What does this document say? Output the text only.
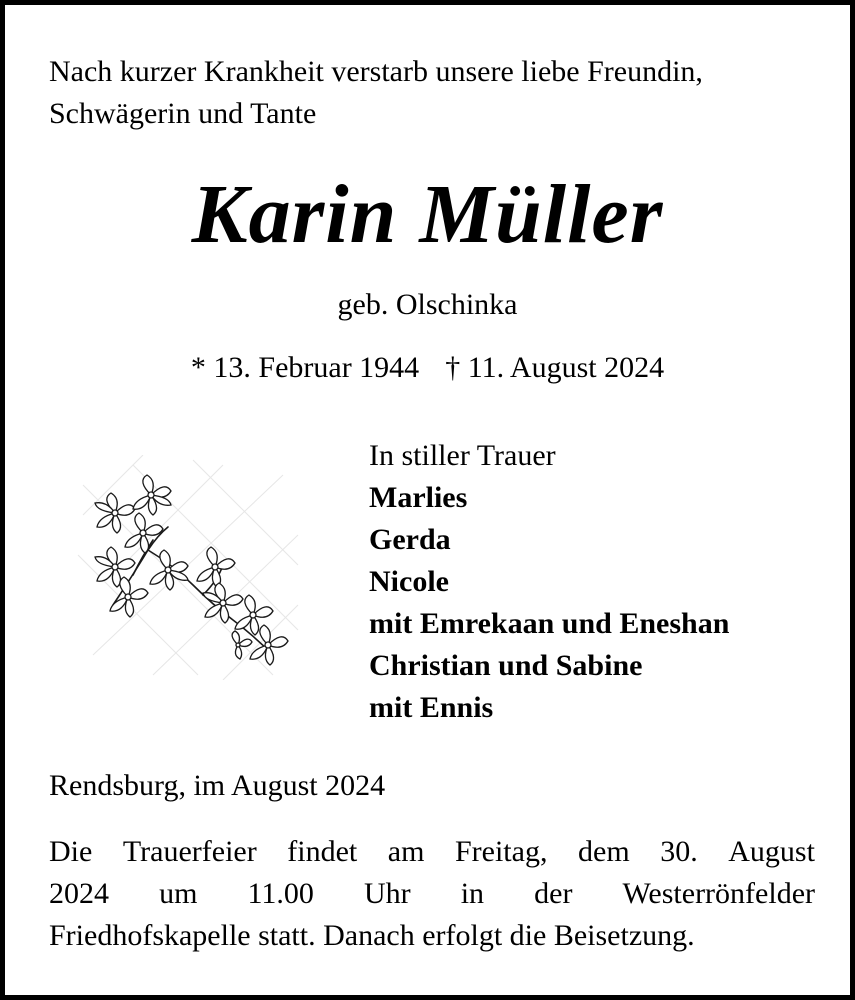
Nach kurzer Krankheit verstarb unsere liebe Freundin,
Schwägerin und Tante

Karin Müller

geb. Olschinka

* 13. Februar 1944 † 11. August 2024

In stiller Trauer
Marlies
Gerda
Nicole
mit Emrekaan und Eneshan
Christian und Sabine
mit Ennis

Rendsburg, im August 2024

Die Trauerfeier findet am Freitag, dem 30. August
2024 um 11.00 Uhr in der Westerrönfelder
Friedhofskapelle statt. Danach erfolgt die Beisetzung.
